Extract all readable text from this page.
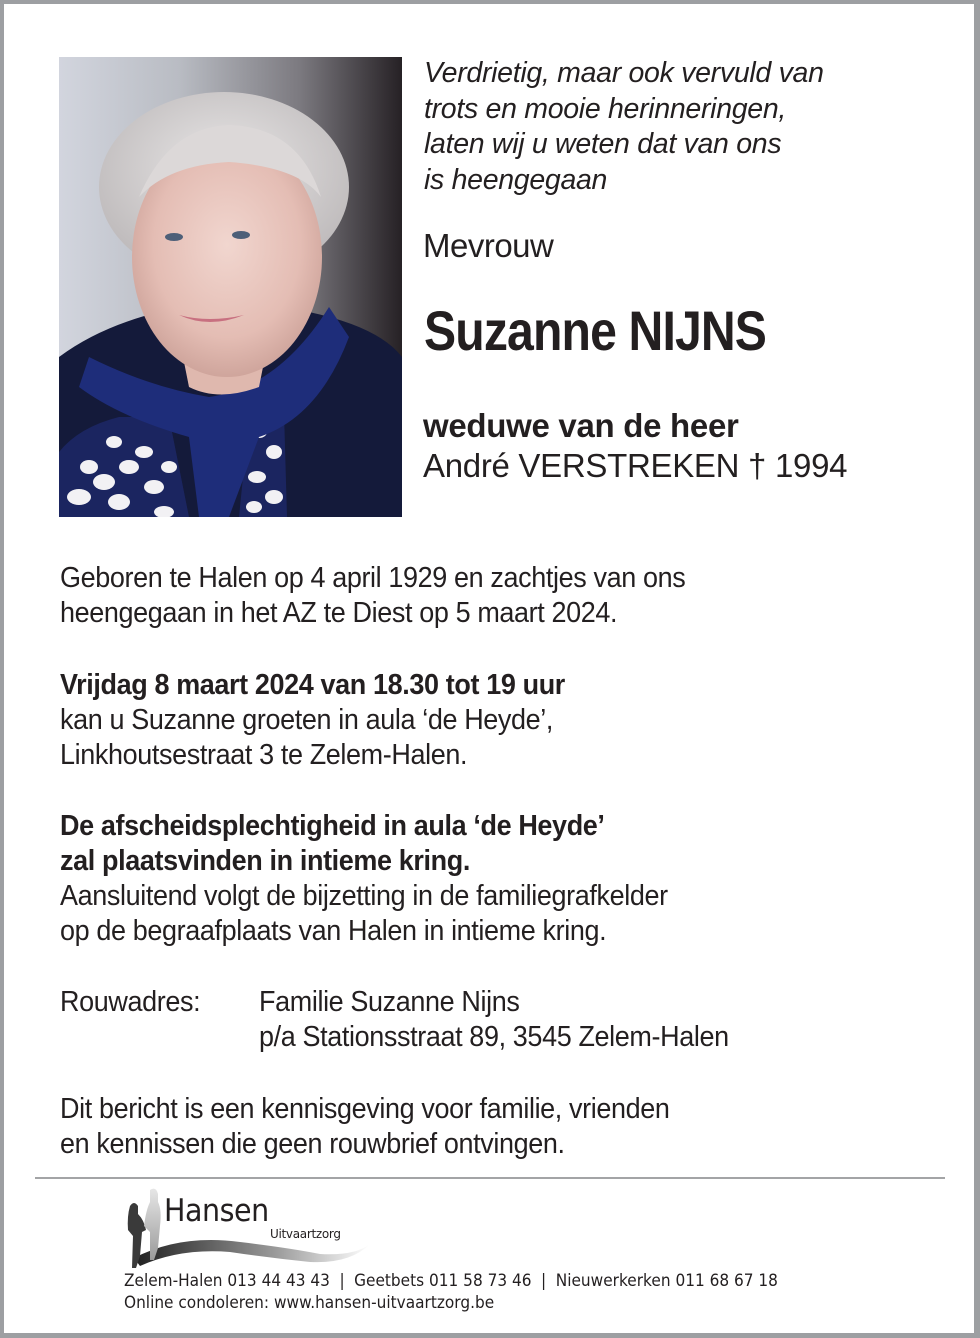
Verdrietig, maar ook vervuld van
trots en mooie herinneringen,
laten wij u weten dat van ons
is heengegaan
Mevrouw
Suzanne NIJNS
weduwe van de heer
André VERSTREKEN † 1994
Geboren te Halen op 4 april 1929 en zachtjes van ons
heengegaan in het AZ te Diest op 5 maart 2024.
Vrijdag 8 maart 2024 van 18.30 tot 19 uur
kan u Suzanne groeten in aula ‘de Heyde’,
Linkhoutsestraat 3 te Zelem-Halen.
De afscheidsplechtigheid in aula ‘de Heyde’
zal plaatsvinden in intieme kring.
Aansluitend volgt de bijzetting in de familiegrafkelder
op de begraafplaats van Halen in intieme kring.
Rouwadres:	Familie Suzanne Nijns
p/a Stationsstraat 89, 3545 Zelem-Halen
Dit bericht is een kennisgeving voor familie, vrienden
en kennissen die geen rouwbrief ontvingen.
Hansen
Uitvaartzorg
Zelem-Halen 013 44 43 43 | Geetbets 011 58 73 46 | Nieuwerkerken 011 68 67 18
Online condoleren: www.hansen-uitvaartzorg.be
